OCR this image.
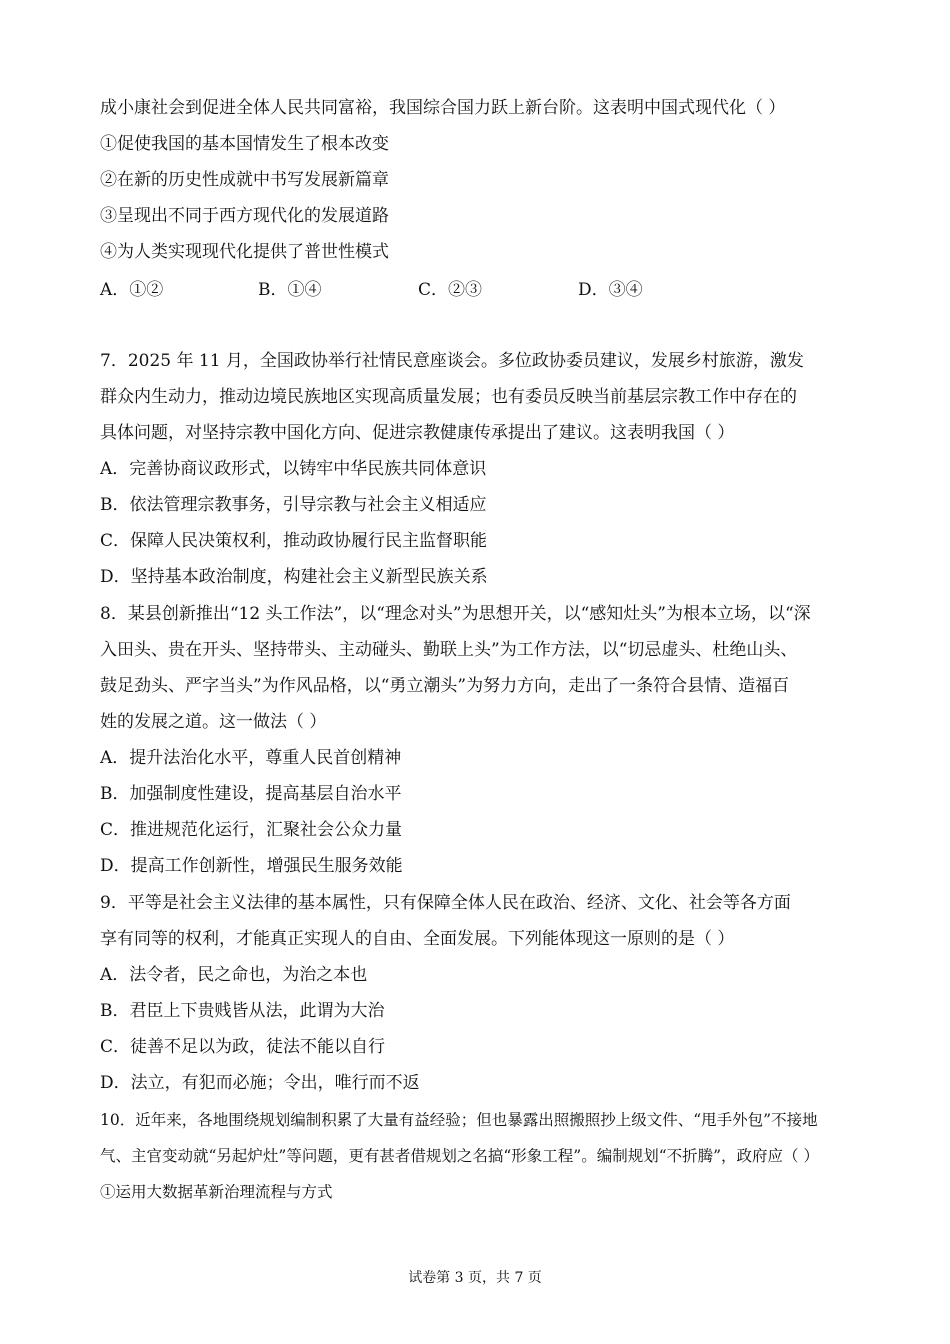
成小康社会到促进全体人民共同富裕，我国综合国力跃上新台阶。这表明中国式现代化（ ）
①促使我国的基本国情发生了根本改变
②在新的历史性成就中书写发展新篇章
③呈现出不同于西方现代化的发展道路
④为人类实现现代化提供了普世性模式
A．①②	B．①④	C．②③	D．③④
7．2025 年 11 月，全国政协举行社情民意座谈会。多位政协委员建议，发展乡村旅游，激发
群众内生动力，推动边境民族地区实现高质量发展；也有委员反映当前基层宗教工作中存在的
具体问题，对坚持宗教中国化方向、促进宗教健康传承提出了建议。这表明我国（ ）
A．完善协商议政形式，以铸牢中华民族共同体意识
B．依法管理宗教事务，引导宗教与社会主义相适应
C．保障人民决策权利，推动政协履行民主监督职能
D．坚持基本政治制度，构建社会主义新型民族关系
8．某县创新推出“12 头工作法”，以“理念对头”为思想开关，以“感知灶头”为根本立场，以“深
入田头、贵在开头、坚持带头、主动碰头、勤联上头”为工作方法，以“切忌虚头、杜绝山头、
鼓足劲头、严字当头”为作风品格，以“勇立潮头”为努力方向，走出了一条符合县情、造福百
姓的发展之道。这一做法（ ）
A．提升法治化水平，尊重人民首创精神
B．加强制度性建设，提高基层自治水平
C．推进规范化运行，汇聚社会公众力量
D．提高工作创新性，增强民生服务效能
9．平等是社会主义法律的基本属性，只有保障全体人民在政治、经济、文化、社会等各方面
享有同等的权利，才能真正实现人的自由、全面发展。下列能体现这一原则的是（ ）
A．法令者，民之命也，为治之本也
B．君臣上下贵贱皆从法，此谓为大治
C．徒善不足以为政，徒法不能以自行
D．法立，有犯而必施；令出，唯行而不返
10．近年来，各地围绕规划编制积累了大量有益经验；但也暴露出照搬照抄上级文件、“甩手外包”不接地
气、主官变动就“另起炉灶”等问题，更有甚者借规划之名搞“形象工程”。编制规划“不折腾”，政府应（ ）
①运用大数据革新治理流程与方式
试卷第 3 页，共 7 页
